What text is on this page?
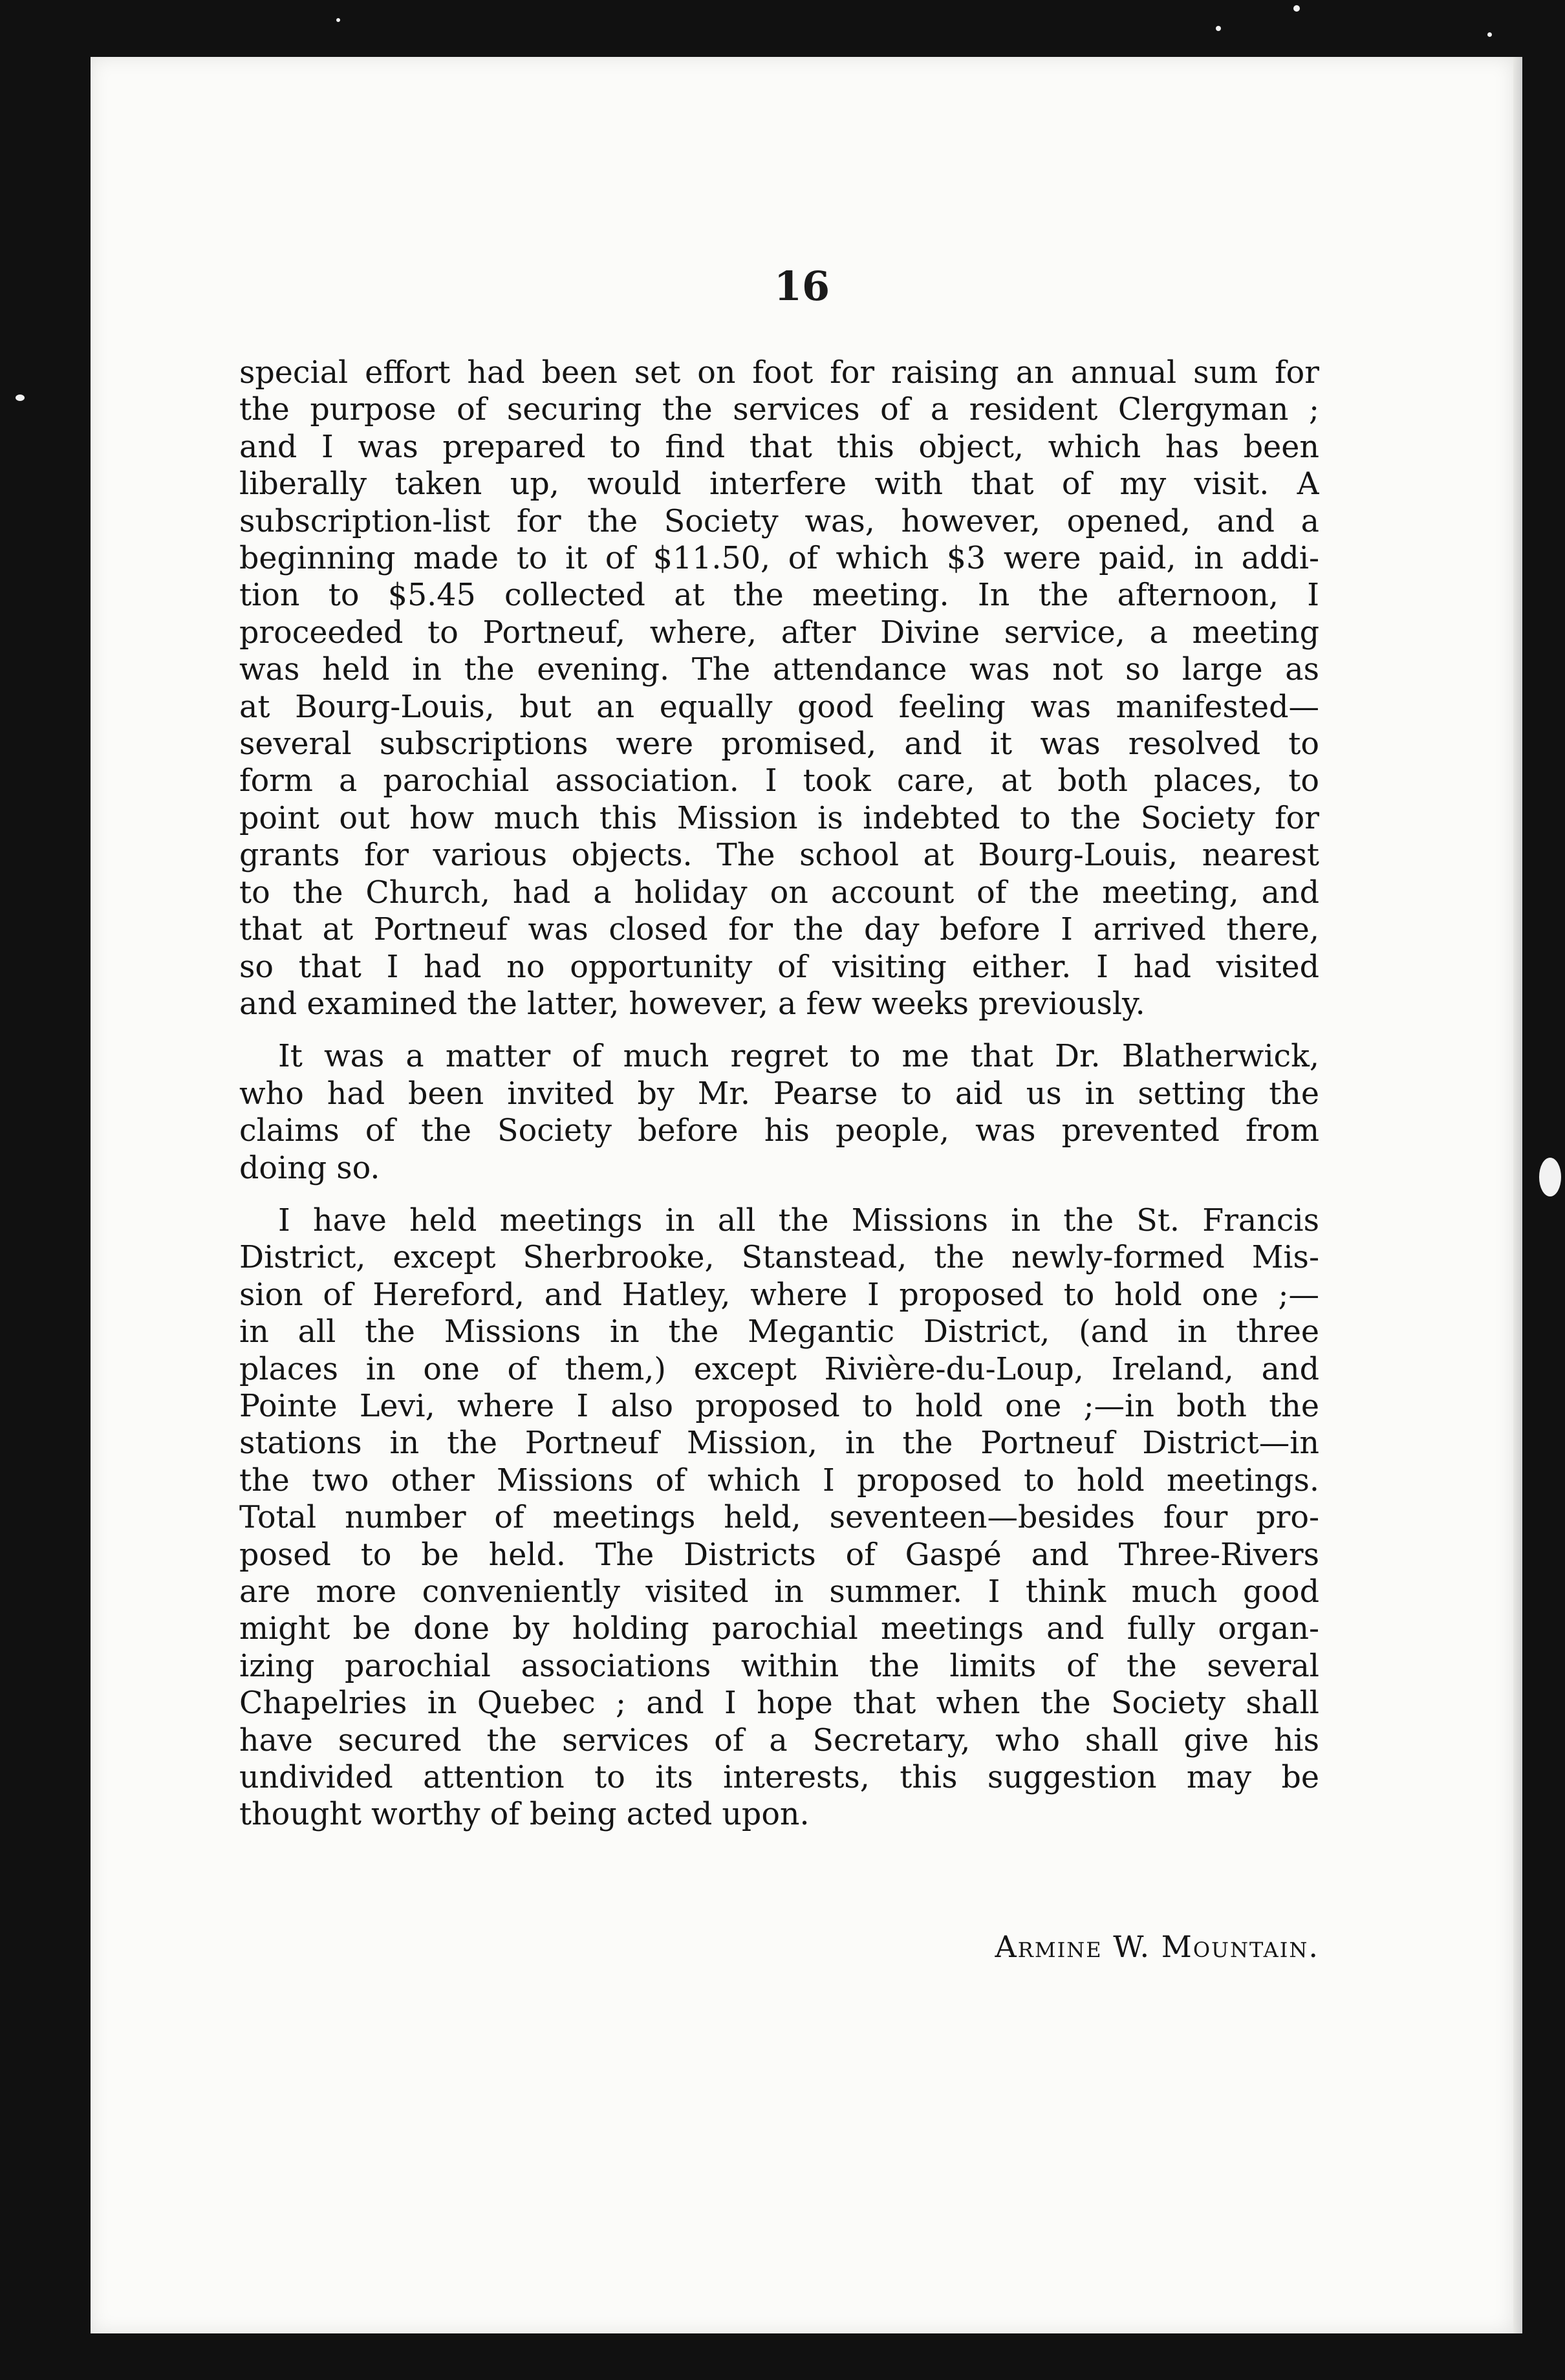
16
special effort had been set on foot for raising an annual sum for
the purpose of securing the services of a resident Clergyman ;
and I was prepared to find that this object, which has been
liberally taken up, would interfere with that of my visit. A
subscription-list for the Society was, however, opened, and a
beginning made to it of $11.50, of which $3 were paid, in addi-
tion to $5.45 collected at the meeting. In the afternoon, I
proceeded to Portneuf, where, after Divine service, a meeting
was held in the evening. The attendance was not so large as
at Bourg-Louis, but an equally good feeling was manifested—
several subscriptions were promised, and it was resolved to
form a parochial association. I took care, at both places, to
point out how much this Mission is indebted to the Society for
grants for various objects. The school at Bourg-Louis, nearest
to the Church, had a holiday on account of the meeting, and
that at Portneuf was closed for the day before I arrived there,
so that I had no opportunity of visiting either. I had visited
and examined the latter, however, a few weeks previously.
It was a matter of much regret to me that Dr. Blatherwick,
who had been invited by Mr. Pearse to aid us in setting the
claims of the Society before his people, was prevented from
doing so.
I have held meetings in all the Missions in the St. Francis
District, except Sherbrooke, Stanstead, the newly-formed Mis-
sion of Hereford, and Hatley, where I proposed to hold one ;—
in all the Missions in the Megantic District, (and in three
places in one of them,) except Rivière-du-Loup, Ireland, and
Pointe Levi, where I also proposed to hold one ;—in both the
stations in the Portneuf Mission, in the Portneuf District—in
the two other Missions of which I proposed to hold meetings.
Total number of meetings held, seventeen—besides four pro-
posed to be held. The Districts of Gaspé and Three-Rivers
are more conveniently visited in summer. I think much good
might be done by holding parochial meetings and fully organ-
izing parochial associations within the limits of the several
Chapelries in Quebec ; and I hope that when the Society shall
have secured the services of a Secretary, who shall give his
undivided attention to its interests, this suggestion may be
thought worthy of being acted upon.
Armine W. Mountain.
